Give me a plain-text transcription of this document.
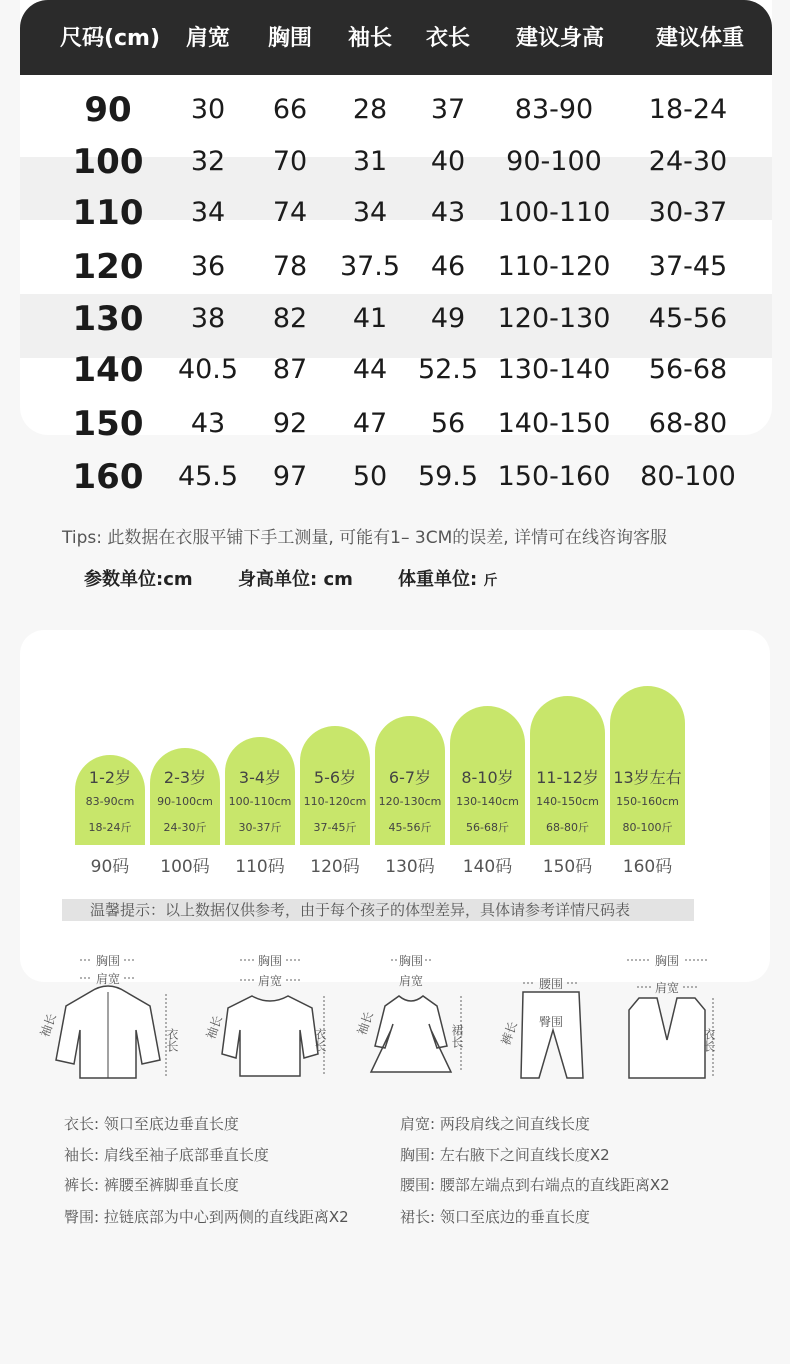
尺码(cm)	肩宽	胸围	袖长	衣长	建议身高	建议体重
90	30	66	28	37	83-90	18-24
100	32	70	31	40	90-100	24-30
110	34	74	34	43	100-110	30-37
120	36	78	37.5	46	110-120	37-45
130	38	82	41	49	120-130	45-56
140	40.5	87	44	52.5 130-140	56-68
150	43	92	47	56	140-150	68-80
160	45.5	97	50	59.5 150-160	80-100
Tips: 此数据在衣服平铺下手工测量, 可能有1– 3CM的误差, 详情可在线咨询客服
参数单位:cm	身高单位: cm	体重单位: 斤
1-2岁
83-90cm
18-24斤
90码
2-3岁
90-100cm
24-30斤
100码
3-4岁
100-110cm
30-37斤
110码
5-6岁
110-120cm
37-45斤
120码
6-7岁
120-130cm
45-56斤
130码
8-10岁
130-140cm
56-68斤
140码
11-12岁
140-150cm
68-80斤
150码
13岁左右
150-160cm
80-100斤
160码
温馨提示：以上数据仅供参考，由于每个孩子的体型差异，具体请参考详情尺码表
胸围
肩宽
袖长
衣长
胸围
肩宽
袖长	衣长
胸围
肩宽
袖长	裙长
腰围
臀围
裤长
胸围
肩宽
衣长
衣长: 领口至底边垂直长度
袖长: 肩线至袖子底部垂直长度
裤长: 裤腰至裤脚垂直长度
臀围: 拉链底部为中心到两侧的直线距离X2
肩宽: 两段肩线之间直线长度
胸围: 左右腋下之间直线长度X2
腰围: 腰部左端点到右端点的直线距离X2
裙长: 领口至底边的垂直长度
